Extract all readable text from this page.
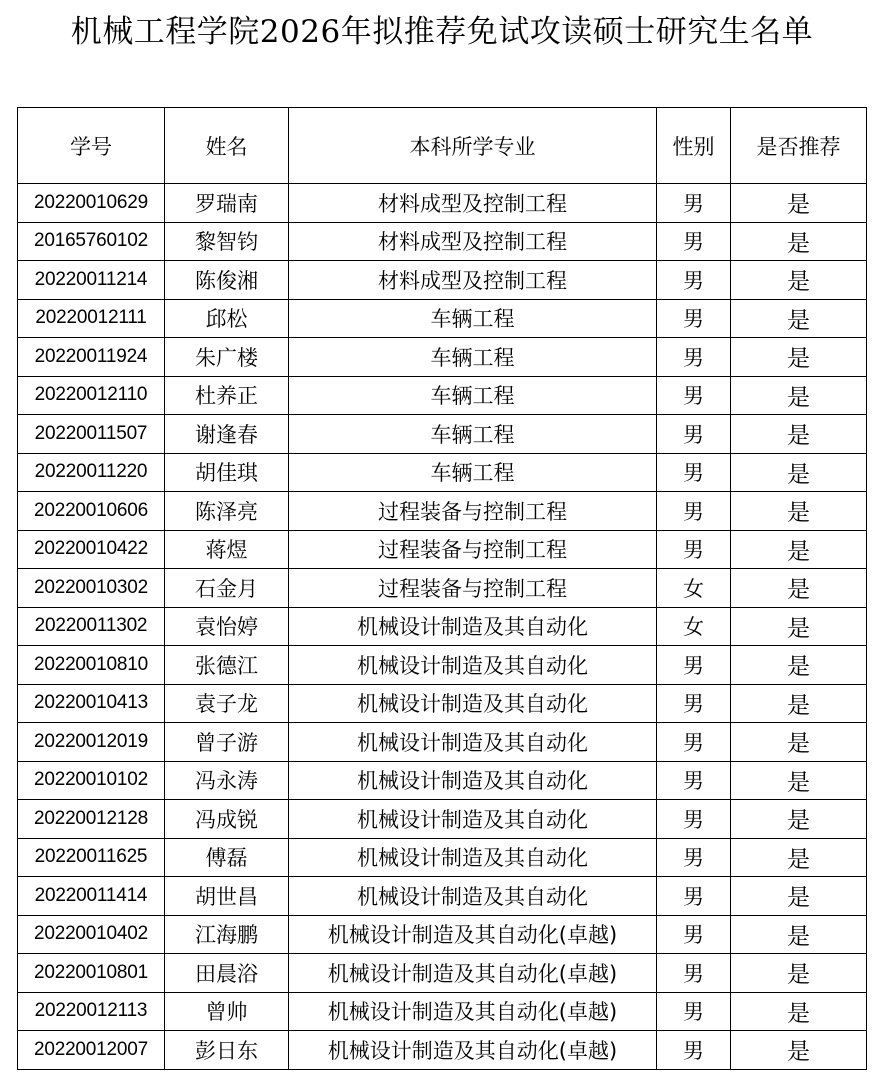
机械工程学院2026年拟推荐免试攻读硕士研究生名单
学号	姓名	本科所学专业	性别	是否推荐
20220010629	罗瑞南	材料成型及控制工程	男	是
20165760102	黎智钧	材料成型及控制工程	男	是
20220011214	陈俊湘	材料成型及控制工程	男	是
20220012111	邱松	车辆工程	男	是
20220011924	朱广楼	车辆工程	男	是
20220012110	杜养正	车辆工程	男	是
20220011507	谢逢春	车辆工程	男	是
20220011220	胡佳琪	车辆工程	男	是
20220010606	陈泽亮	过程装备与控制工程	男	是
20220010422	蒋煜	过程装备与控制工程	男	是
20220010302	石金月	过程装备与控制工程	女	是
20220011302	袁怡婷	机械设计制造及其自动化	女	是
20220010810	张德江	机械设计制造及其自动化	男	是
20220010413	袁子龙	机械设计制造及其自动化	男	是
20220012019	曾子游	机械设计制造及其自动化	男	是
20220010102	冯永涛	机械设计制造及其自动化	男	是
20220012128	冯成锐	机械设计制造及其自动化	男	是
20220011625	傅磊	机械设计制造及其自动化	男	是
20220011414	胡世昌	机械设计制造及其自动化	男	是
20220010402	江海鹏	机械设计制造及其自动化(卓越)	男	是
20220010801	田晨浴	机械设计制造及其自动化(卓越)	男	是
20220012113	曾帅	机械设计制造及其自动化(卓越)	男	是
20220012007	彭日东	机械设计制造及其自动化(卓越)	男	是
